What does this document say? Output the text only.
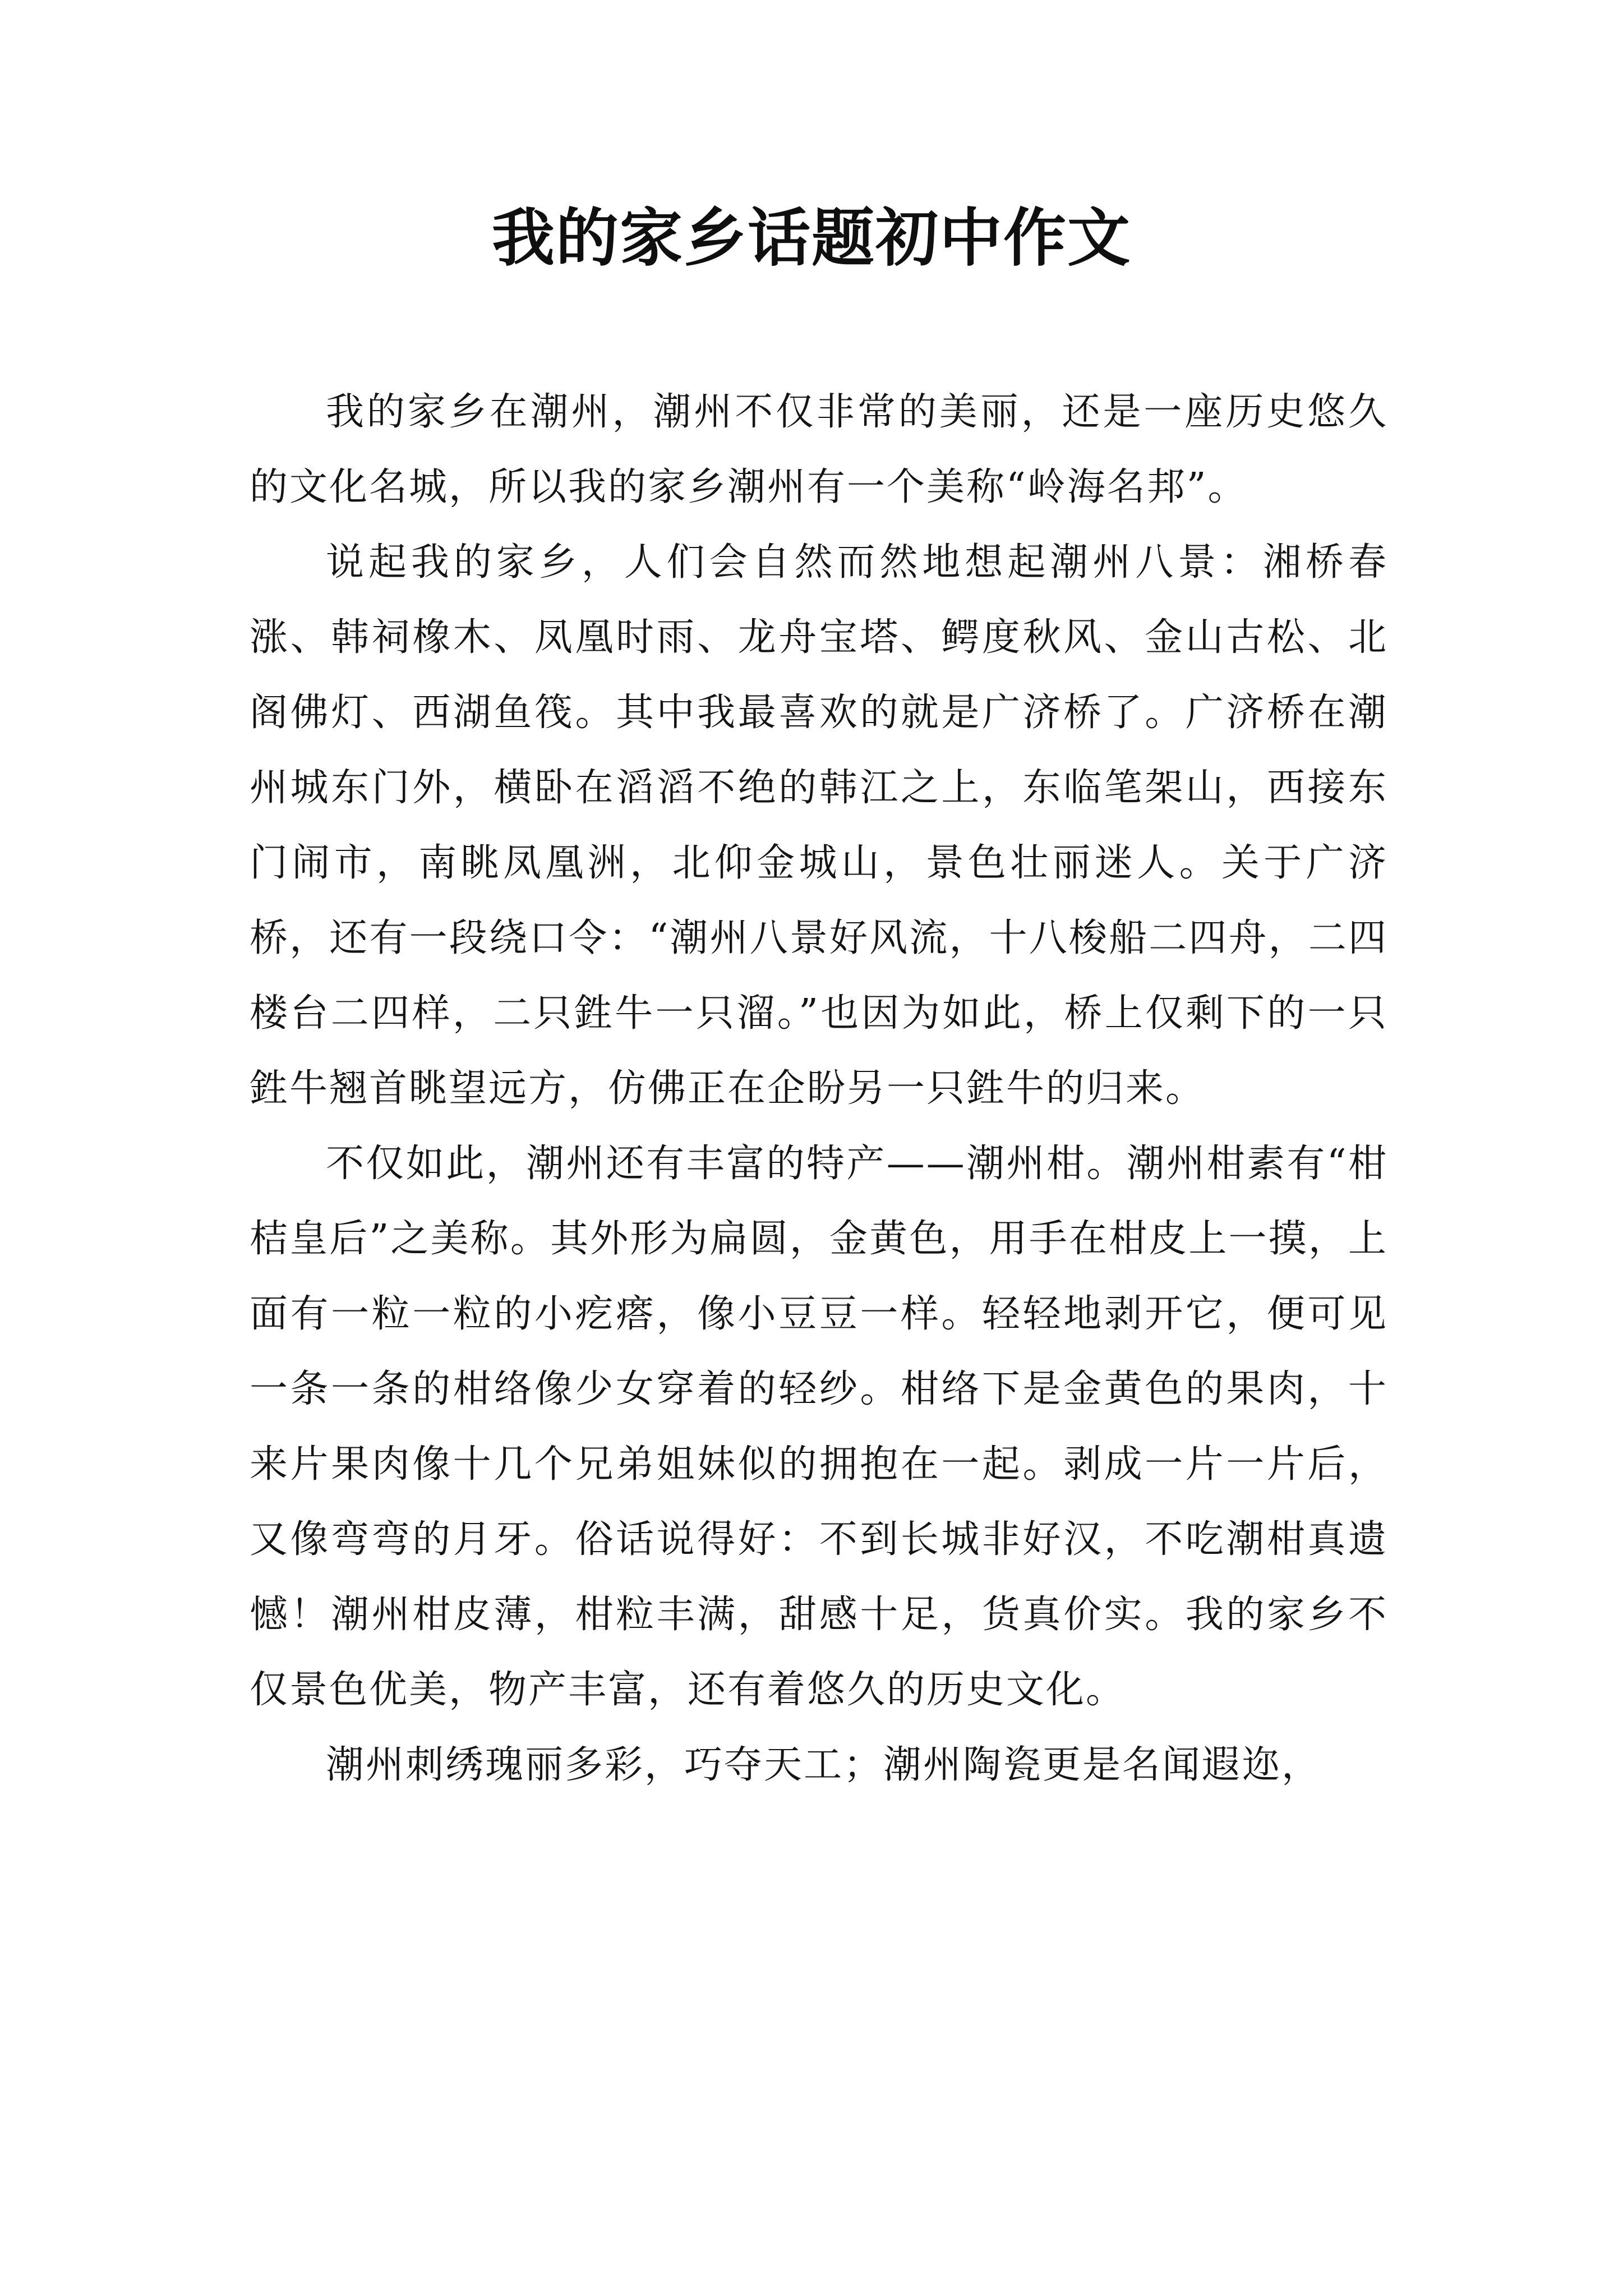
我的家乡话题初中作文

我的家乡在潮州，潮州不仅非常的美丽，还是一座历史悠久的文化名城，所以我的家乡潮州有一个美称“岭海名邦”。

说起我的家乡，人们会自然而然地想起潮州八景：湘桥春涨、韩祠橡木、凤凰时雨、龙舟宝塔、鳄度秋风、金山古松、北阁佛灯、西湖鱼筏。其中我最喜欢的就是广济桥了。广济桥在潮州城东门外，横卧在滔滔不绝的韩江之上，东临笔架山，西接东门闹市，南眺凤凰洲，北仰金城山，景色壮丽迷人。关于广济桥，还有一段绕口令：“潮州八景好风流，十八梭船二四舟，二四楼台二四样，二只鉎牛一只溜。”也因为如此，桥上仅剩下的一只鉎牛翘首眺望远方，仿佛正在企盼另一只鉎牛的归来。

不仅如此，潮州还有丰富的特产——潮州柑。潮州柑素有“柑桔皇后”之美称。其外形为扁圆，金黄色，用手在柑皮上一摸，上面有一粒一粒的小疙瘩，像小豆豆一样。轻轻地剥开它，便可见一条一条的柑络像少女穿着的轻纱。柑络下是金黄色的果肉，十来片果肉像十几个兄弟姐妹似的拥抱在一起。剥成一片一片后，又像弯弯的月牙。俗话说得好：不到长城非好汉，不吃潮柑真遗憾！潮州柑皮薄，柑粒丰满，甜感十足，货真价实。我的家乡不仅景色优美，物产丰富，还有着悠久的历史文化。

潮州刺绣瑰丽多彩，巧夺天工；潮州陶瓷更是名闻遐迩，
